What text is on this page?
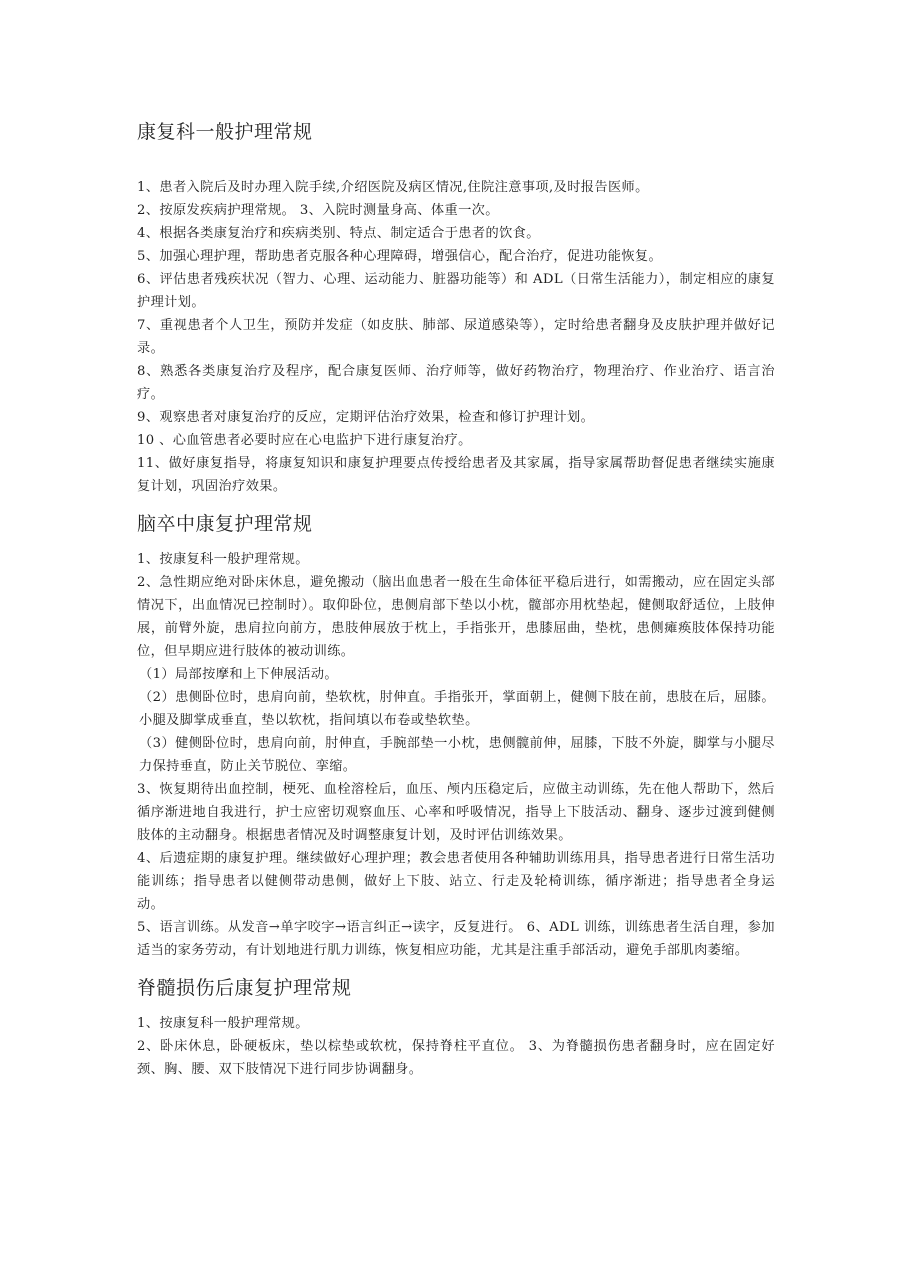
康复科一般护理常规

1、患者入院后及时办理入院手续,介绍医院及病区情况,住院注意事项,及时报告医师。

2、按原发疾病护理常规。 3、入院时测量身高、体重一次。

4、根据各类康复治疗和疾病类别、特点、制定适合于患者的饮食。

5、加强心理护理，帮助患者克服各种心理障碍，增强信心，配合治疗，促进功能恢复。

6、评估患者残疾状况（智力、心理、运动能力、脏器功能等）和 ADL（日常生活能力），制定相应的康复护理计划。

7、重视患者个人卫生，预防并发症（如皮肤、肺部、尿道感染等），定时给患者翻身及皮肤护理并做好记录。

8、熟悉各类康复治疗及程序，配合康复医师、治疗师等，做好药物治疗，物理治疗、作业治疗、语言治疗。

9、观察患者对康复治疗的反应，定期评估治疗效果，检查和修订护理计划。

10 、心血管患者必要时应在心电监护下进行康复治疗。

11、做好康复指导，将康复知识和康复护理要点传授给患者及其家属，指导家属帮助督促患者继续实施康复计划，巩固治疗效果。

脑卒中康复护理常规

1、按康复科一般护理常规。

2、急性期应绝对卧床休息，避免搬动（脑出血患者一般在生命体征平稳后进行，如需搬动，应在固定头部情况下，出血情况已控制时）。取仰卧位，患侧肩部下垫以小枕，髋部亦用枕垫起，健侧取舒适位，上肢伸展，前臂外旋，患肩拉向前方，患肢伸展放于枕上，手指张开，患膝屈曲，垫枕，患侧瘫痪肢体保持功能位，但早期应进行肢体的被动训练。

（1）局部按摩和上下伸展活动。

（2）患侧卧位时，患肩向前，垫软枕，肘伸直。手指张开，掌面朝上，健侧下肢在前，患肢在后，屈膝。小腿及脚掌成垂直，垫以软枕，指间填以布卷或垫软垫。

（3）健侧卧位时，患肩向前，肘伸直，手腕部垫一小枕，患侧髋前伸，屈膝，下肢不外旋，脚掌与小腿尽力保持垂直，防止关节脱位、挛缩。

3、恢复期待出血控制，梗死、血栓溶栓后，血压、颅内压稳定后，应做主动训练，先在他人帮助下，然后循序渐进地自我进行，护士应密切观察血压、心率和呼吸情况，指导上下肢活动、翻身、逐步过渡到健侧肢体的主动翻身。根据患者情况及时调整康复计划，及时评估训练效果。

4、后遗症期的康复护理。继续做好心理护理；教会患者使用各种辅助训练用具，指导患者进行日常生活功能训练；指导患者以健侧带动患侧，做好上下肢、站立、行走及轮椅训练，循序渐进；指导患者全身运动。

5、语言训练。从发音→单字咬字→语言纠正→读字，反复进行。 6、ADL 训练，训练患者生活自理，参加适当的家务劳动，有计划地进行肌力训练，恢复相应功能，尤其是注重手部活动，避免手部肌肉萎缩。

脊髓损伤后康复护理常规

1、按康复科一般护理常规。

2、卧床休息，卧硬板床，垫以棕垫或软枕，保持脊柱平直位。 3、为脊髓损伤患者翻身时，应在固定好颈、胸、腰、双下肢情况下进行同步协调翻身。
